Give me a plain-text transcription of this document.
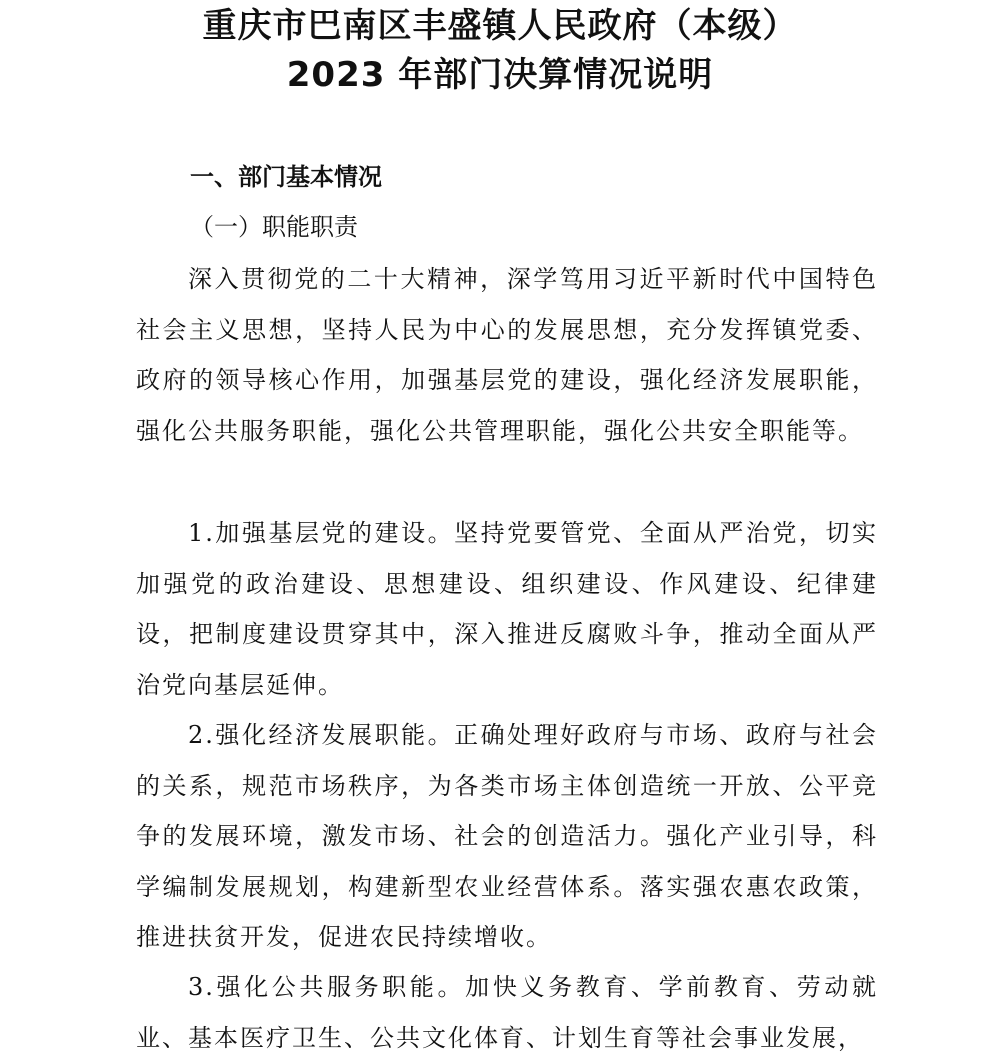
重庆市巴南区丰盛镇人民政府（本级）
2023 年部门决算情况说明
一、部门基本情况
（一）职能职责
深入贯彻党的二十大精神，深学笃用习近平新时代中国特色社会主义思想，坚持人民为中心的发展思想，充分发挥镇党委、政府的领导核心作用，加强基层党的建设，强化经济发展职能，强化公共服务职能，强化公共管理职能，强化公共安全职能等。
1.加强基层党的建设。坚持党要管党、全面从严治党，切实加强党的政治建设、思想建设、组织建设、作风建设、纪律建设，把制度建设贯穿其中，深入推进反腐败斗争，推动全面从严治党向基层延伸。
2.强化经济发展职能。正确处理好政府与市场、政府与社会的关系，规范市场秩序，为各类市场主体创造统一开放、公平竞争的发展环境，激发市场、社会的创造活力。强化产业引导，科学编制发展规划，构建新型农业经营体系。落实强农惠农政策，推进扶贫开发，促进农民持续增收。
3.强化公共服务职能。加快义务教育、学前教育、劳动就业、基本医疗卫生、公共文化体育、计划生育等社会事业发展，
